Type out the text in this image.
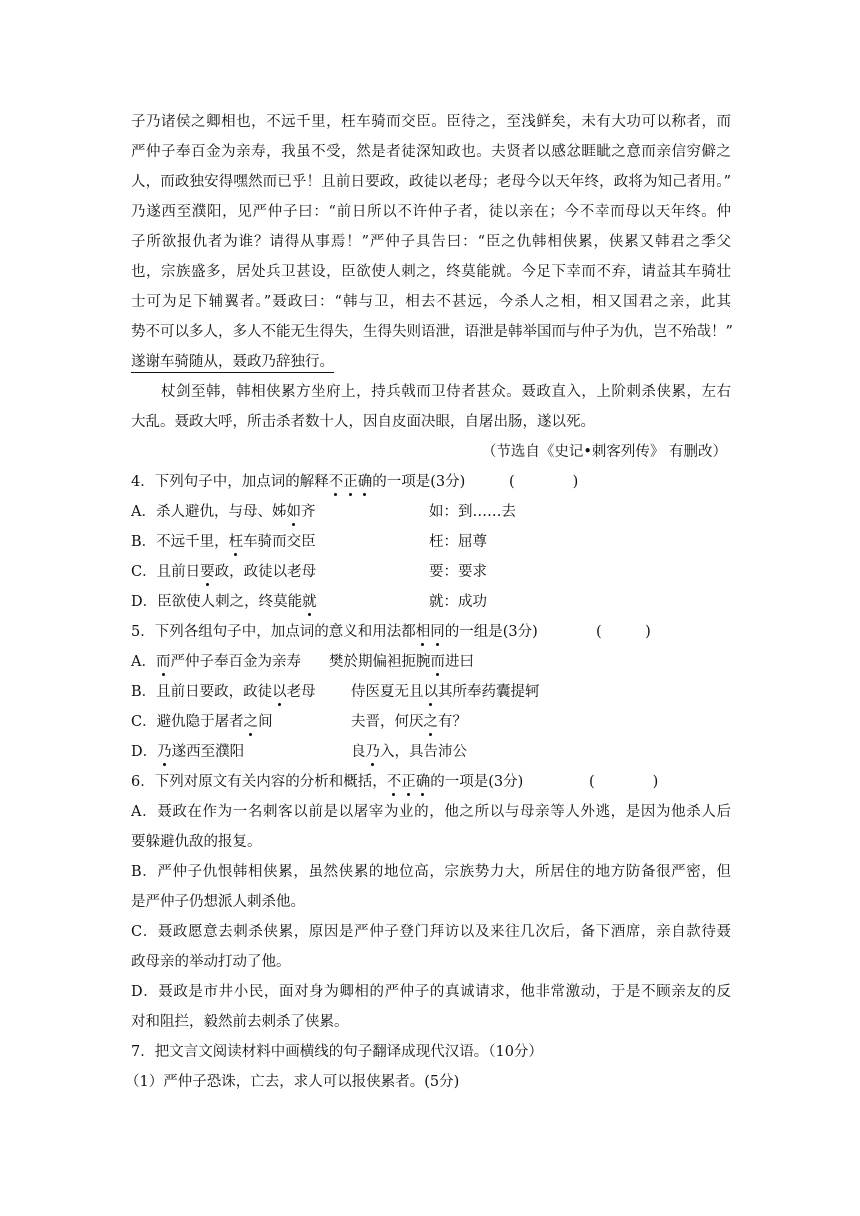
子乃诸侯之卿相也，不远千里，枉车骑而交臣。臣待之，至浅鲜矣，未有大功可以称者，而
严仲子奉百金为亲寿，我虽不受，然是者徒深知政也。夫贤者以感忿睚眦之意而亲信穷僻之
人，而政独安得嘿然而已乎！且前日要政，政徒以老母；老母今以天年终，政将为知己者用。”
乃遂西至濮阳，见严仲子曰：“前日所以不许仲子者，徒以亲在；今不幸而母以天年终。仲
子所欲报仇者为谁？请得从事焉！”严仲子具告曰：“臣之仇韩相侠累，侠累又韩君之季父
也，宗族盛多，居处兵卫甚设，臣欲使人刺之，终莫能就。今足下幸而不弃，请益其车骑壮
士可为足下辅翼者。”聂政曰：“韩与卫，相去不甚远，今杀人之相，相又国君之亲，此其
势不可以多人，多人不能无生得失，生得失则语泄，语泄是韩举国而与仲子为仇，岂不殆哉！”
遂谢车骑随从，聂政乃辞独行。
杖剑至韩，韩相侠累方坐府上，持兵戟而卫侍者甚众。聂政直入，上阶刺杀侠累，左右
大乱。聂政大呼，所击杀者数十人，因自皮面决眼，自屠出肠，遂以死。
（节选自《史记•刺客列传》 有删改）
4．下列句子中，加点词的解释不正确的一项是(3分)	(　　　　)
A．杀人避仇，与母、姊如齐	如：到……去
B．不远千里，枉车骑而交臣	枉：屈尊
C．且前日要政，政徒以老母	要：要求
D．臣欲使人刺之，终莫能就	就：成功
5．下列各组句子中，加点词的意义和用法都相同的一组是(3分)	(　　　)
A．而严仲子奉百金为亲寿 樊於期偏袒扼腕而进曰
B．且前日要政，政徒以老母 侍医夏无且以其所奉药囊提轲
C．避仇隐于屠者之间	夫晋，何厌之有？
D．乃遂西至濮阳	良乃入，具告沛公
6．下列对原文有关内容的分析和概括，不正确的一项是(3分)	(　　　　)
A．聂政在作为一名刺客以前是以屠宰为业的，他之所以与母亲等人外逃，是因为他杀人后
要躲避仇敌的报复。
B．严仲子仇恨韩相侠累，虽然侠累的地位高，宗族势力大，所居住的地方防备很严密，但
是严仲子仍想派人刺杀他。
C．聂政愿意去刺杀侠累，原因是严仲子登门拜访以及来往几次后，备下酒席，亲自款待聂
政母亲的举动打动了他。
D．聂政是市井小民，面对身为卿相的严仲子的真诚请求，他非常激动，于是不顾亲友的反
对和阻拦，毅然前去刺杀了侠累。
7．把文言文阅读材料中画横线的句子翻译成现代汉语。（10分）
（1）严仲子恐诛，亡去，求人可以报侠累者。(5分)
